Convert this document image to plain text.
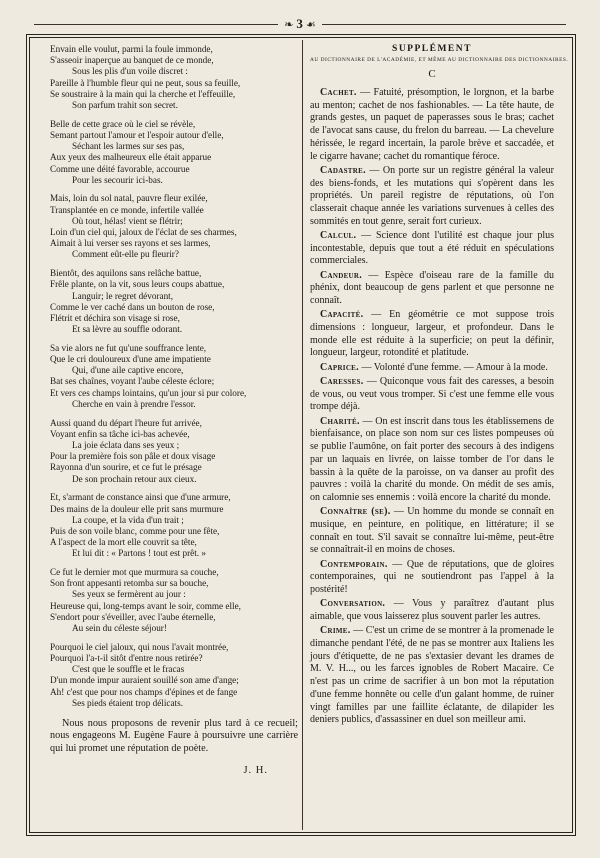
❧ 3 ☙
Envain elle voulut, parmi la foule immonde,
S'asseoir inaperçue au banquet de ce monde,
Sous les plis d'un voile discret :
Pareille à l'humble fleur qui ne peut, sous sa feuille,
Se soustraire à la main qui la cherche et l'effeuille,
Son parfum trahit son secret.
Belle de cette grace où le ciel se révèle,
Semant partout l'amour et l'espoir autour d'elle,
Séchant les larmes sur ses pas,
Aux yeux des malheureux elle était apparue
Comme une déité favorable, accourue
Pour les secourir ici-bas.
Mais, loin du sol natal, pauvre fleur exilée,
Transplantée en ce monde, infertile vallée
Où tout, hélas! vient se flétrir;
Loin d'un ciel qui, jaloux de l'éclat de ses charmes,
Aimait à lui verser ses rayons et ses larmes,
Comment eût-elle pu fleurir?
Bientôt, des aquilons sans relâche battue,
Frêle plante, on la vit, sous leurs coups abattue,
Languir; le regret dévorant,
Comme le ver caché dans un bouton de rose,
Flétrit et déchira son visage si rose,
Et sa lèvre au souffle odorant.
Sa vie alors ne fut qu'une souffrance lente,
Que le cri douloureux d'une ame impatiente
Qui, d'une aile captive encore,
Bat ses chaînes, voyant l'aube céleste éclore;
Et vers ces champs lointains, qu'un jour si pur colore,
Cherche en vain à prendre l'essor.
Aussi quand du départ l'heure fut arrivée,
Voyant enfin sa tâche ici-bas achevée,
La joie éclata dans ses yeux ;
Pour la première fois son pâle et doux visage
Rayonna d'un sourire, et ce fut le présage
De son prochain retour aux cieux.
Et, s'armant de constance ainsi que d'une armure,
Des mains de la douleur elle prit sans murmure
La coupe, et la vida d'un trait ;
Puis de son voile blanc, comme pour une fête,
A l'aspect de la mort elle couvrit sa tête,
Et lui dit : « Partons ! tout est prêt. »
Ce fut le dernier mot que murmura sa couche,
Son front appesanti retomba sur sa bouche,
Ses yeux se fermèrent au jour :
Heureuse qui, long-temps avant le soir, comme elle,
S'endort pour s'éveiller, avec l'aube éternelle,
Au sein du céleste séjour!
Pourquoi le ciel jaloux, qui nous l'avait montrée,
Pourquoi l'a-t-il sitôt d'entre nous retirée?
C'est que le souffle et le fracas
D'un monde impur auraient souillé son ame d'ange;
Ah! c'est que pour nos champs d'épines et de fange
Ses pieds étaient trop délicats.

Nous nous proposons de revenir plus tard à ce recueil; nous engageons M. Eugène Faure à poursuivre une carrière qui lui promet une réputation de poète.

J. H.
SUPPLÉMENT
AU DICTIONNAIRE DE L'ACADÉMIE, ET MÊME AU DICTIONNAIRE DES DICTIONNAIRES.
C

Cachet. — Fatuité, présomption, le lorgnon, et la barbe au menton; cachet de nos fashionables. — La tête haute, de grands gestes, un paquet de paperasses sous le bras; cachet de l'avocat sans cause, du frelon du barreau. — La chevelure hérissée, le regard incertain, la parole brève et saccadée, et le cigarre havane; cachet du romantique féroce.

Cadastre. — On porte sur un registre général la valeur des biens-fonds, et les mutations qui s'opèrent dans les propriétés. Un pareil registre de réputations, où l'on classerait chaque année les variations survenues à celles des sommités en tout genre, serait fort curieux.

Calcul. — Science dont l'utilité est chaque jour plus incontestable, depuis que tout a été réduit en spéculations commerciales.

Candeur. — Espèce d'oiseau rare de la famille du phénix, dont beaucoup de gens parlent et que personne ne connaît.

Capacité. — En géométrie ce mot suppose trois dimensions : longueur, largeur, et profondeur. Dans le monde elle est réduite à la superficie; on peut la définir, longueur, largeur, rotondité et platitude.

Caprice. — Volonté d'une femme. — Amour à la mode.

Caresses. — Quiconque vous fait des caresses, a besoin de vous, ou veut vous tromper. Si c'est une femme elle vous trompe déjà.

Charité. — On est inscrit dans tous les établissemens de bienfaisance, on place son nom sur ces listes pompeuses où se publie l'aumône, on fait porter des secours à des indigens par un laquais en livrée, on laisse tomber de l'or dans le bassin à la quête de la paroisse, on va danser au profit des pauvres : voilà la charité du monde. On médit de ses amis, on calomnie ses ennemis : voilà encore la charité du monde.

Connaître (se). — Un homme du monde se connaît en musique, en peinture, en politique, en littérature; il se connaît en tout. S'il savait se connaître lui-même, peut-être se connaîtrait-il en moins de choses.

Contemporain. — Que de réputations, que de gloires contemporaines, qui ne soutiendront pas l'appel à la postérité!

Conversation. — Vous y paraîtrez d'autant plus aimable, que vous laisserez plus souvent parler les autres.

Crime. — C'est un crime de se montrer à la promenade le dimanche pendant l'été, de ne pas se montrer aux Italiens les jours d'étiquette, de ne pas s'extasier devant les drames de M. V. H..., ou les farces ignobles de Robert Macaire. Ce n'est pas un crime de sacrifier à un bon mot la réputation d'une femme honnête ou celle d'un galant homme, de ruiner vingt familles par une faillite éclatante, de dilapider les deniers publics, d'assassiner en duel son meilleur ami.
